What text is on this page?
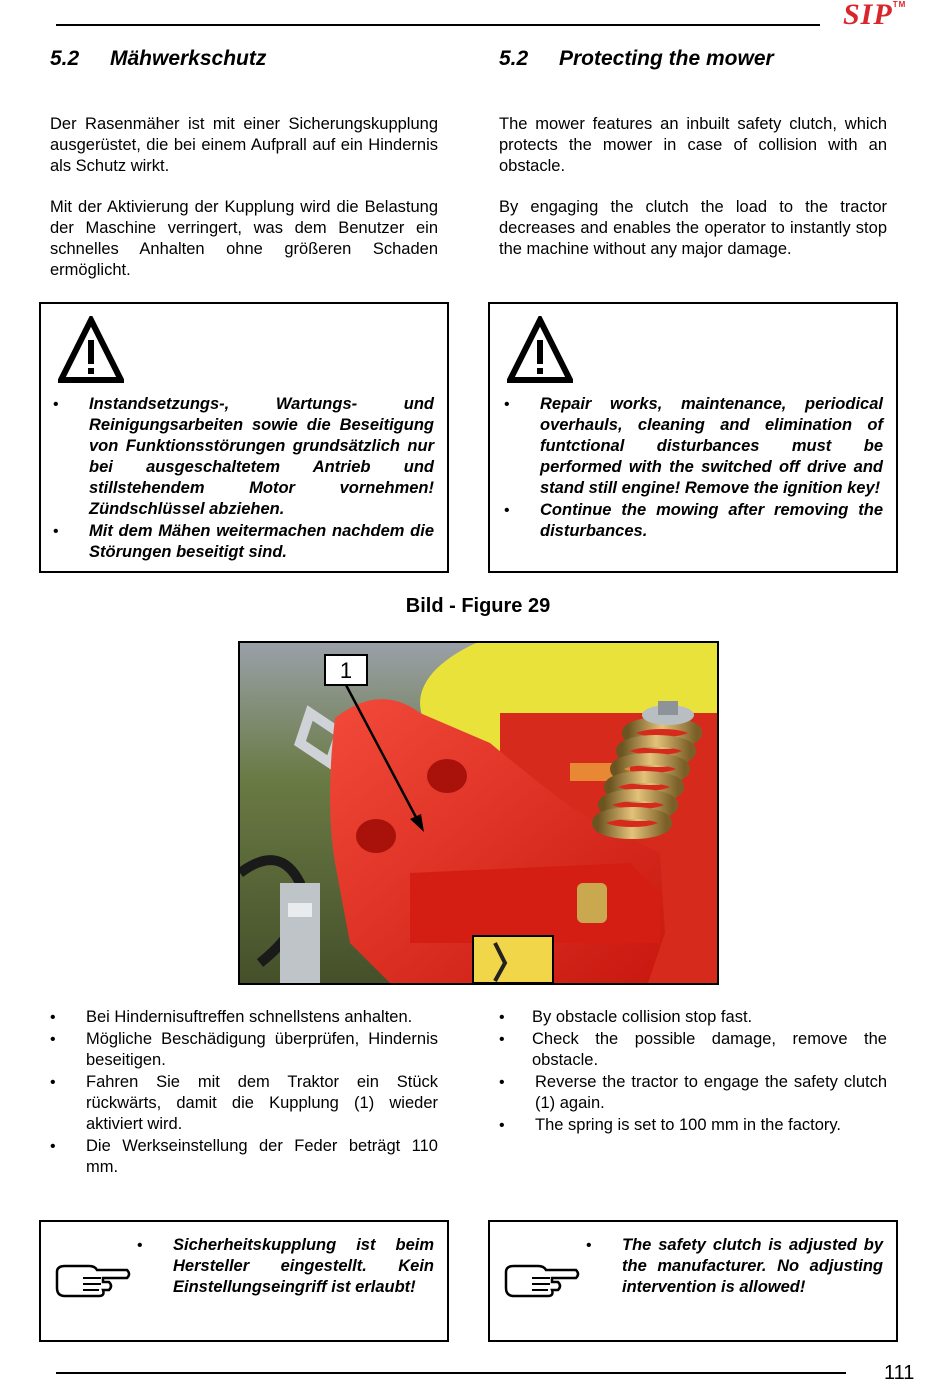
SIP™
5.2 Mähwerkschutz	5.2 Protecting the mower
Der Rasenmäher ist mit einer Sicherungskupplung ausgerüstet, die bei einem Aufprall auf ein Hindernis als Schutz wirkt.
Mit der Aktivierung der Kupplung wird die Belastung der Maschine verringert, was dem Benutzer ein schnelles Anhalten ohne größeren Schaden ermöglicht.
The mower features an inbuilt safety clutch, which protects the mower in case of collision with an obstacle.
By engaging the clutch the load to the tractor decreases and enables the operator to instantly stop the machine without any major damage.
• Instandsetzungs-, Wartungs- und Reinigungsarbeiten sowie die Beseitigung von Funktionsstörungen grundsätzlich nur bei ausgeschaltetem Antrieb und stillstehendem Motor vornehmen! Zündschlüssel abziehen.
• Mit dem Mähen weitermachen nachdem die Störungen beseitigt sind.
• Repair works, maintenance, periodical overhauls, cleaning and elimination of funtctional disturbances must be performed with the switched off drive and stand still engine! Remove the ignition key!
• Continue the mowing after removing the disturbances.
Bild - Figure 29
1
• Bei Hindernisuftreffen schnellstens anhalten.
• Mögliche Beschädigung überprüfen, Hindernis beseitigen.
• Fahren Sie mit dem Traktor ein Stück rückwärts, damit die Kupplung (1) wieder aktiviert wird.
• Die Werkseinstellung der Feder beträgt 110 mm.
• By obstacle collision stop fast.
• Check the possible damage, remove the obstacle.
• Reverse the tractor to engage the safety clutch (1) again.
• The spring is set to 100 mm in the factory.
• Sicherheitskupplung ist beim Hersteller eingestellt. Kein Einstellungseingriff ist erlaubt!
• The safety clutch is adjusted by the manufacturer. No adjusting intervention is allowed!
111
